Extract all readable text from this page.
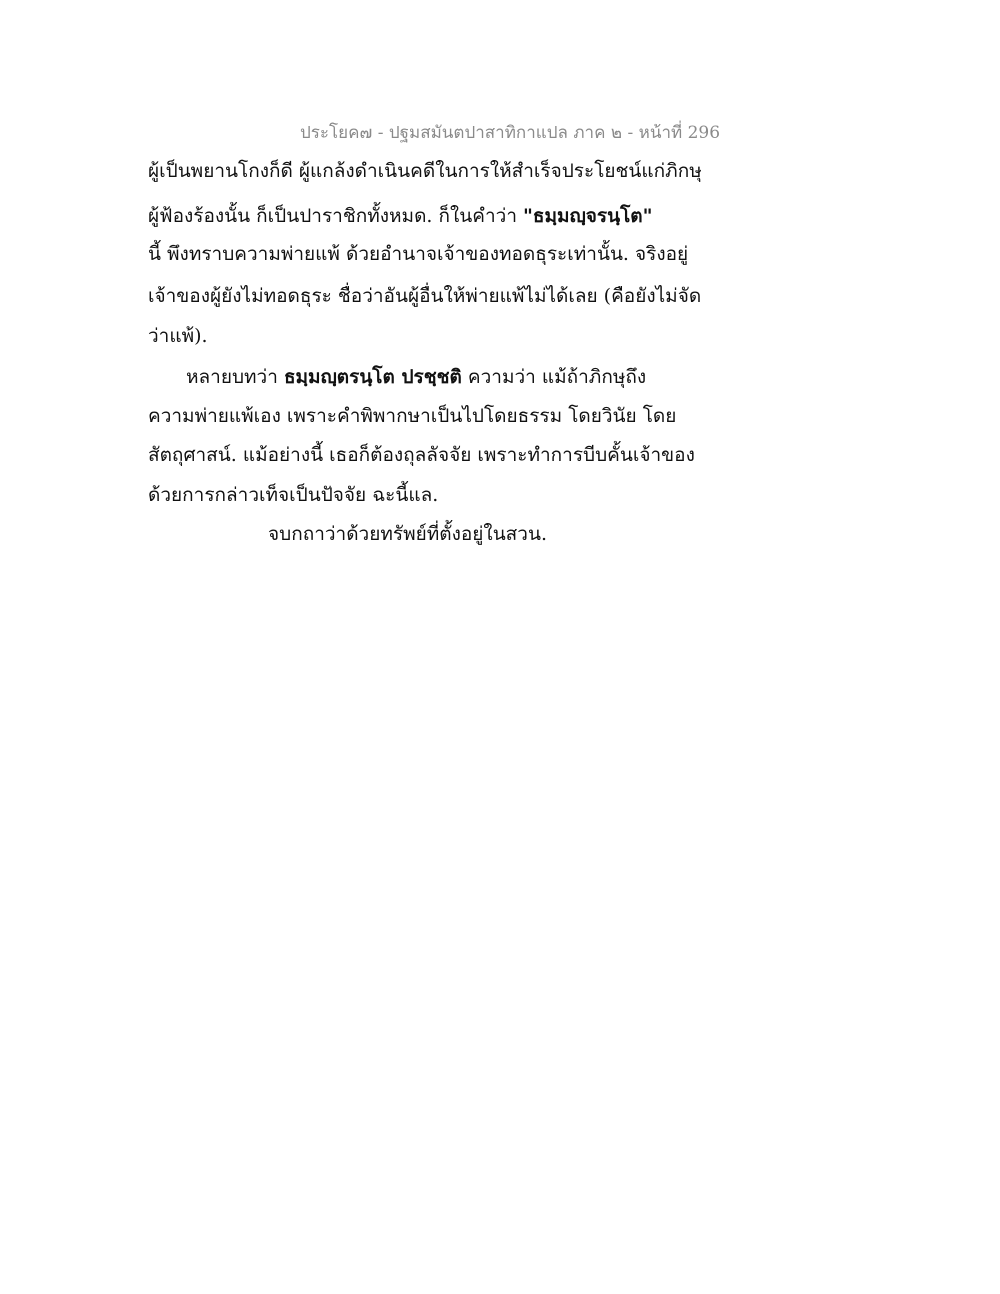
ประโยค๗ - ปฐมสมันตปาสาทิกาแปล ภาค ๒ - หน้าที่ 296
ผู้เป็นพยานโกงก็ดี ผู้แกล้งดำเนินคดีในการให้สำเร็จประโยชน์แก่ภิกษุ
ผู้ฟ้องร้องนั้น ก็เป็นปาราชิกทั้งหมด. ก็ในคำว่า "ธมฺมญฺจรนฺโต"
นี้ พึงทราบความพ่ายแพ้ ด้วยอำนาจเจ้าของทอดธุระเท่านั้น. จริงอยู่
เจ้าของผู้ยังไม่ทอดธุระ ชื่อว่าอันผู้อื่นให้พ่ายแพ้ไม่ได้เลย (คือยังไม่จัด
ว่าแพ้).
หลายบทว่า ธมฺมญฺตรนฺโต ปรชฺชติ ความว่า แม้ถ้าภิกษุถึง
ความพ่ายแพ้เอง เพราะคำพิพากษาเป็นไปโดยธรรม โดยวินัย โดย
สัตถุศาสน์. แม้อย่างนี้ เธอก็ต้องถุลลัจจัย เพราะทำการบีบคั้นเจ้าของ
ด้วยการกล่าวเท็จเป็นปัจจัย ฉะนี้แล.
จบกถาว่าด้วยทรัพย์ที่ตั้งอยู่ในสวน.
